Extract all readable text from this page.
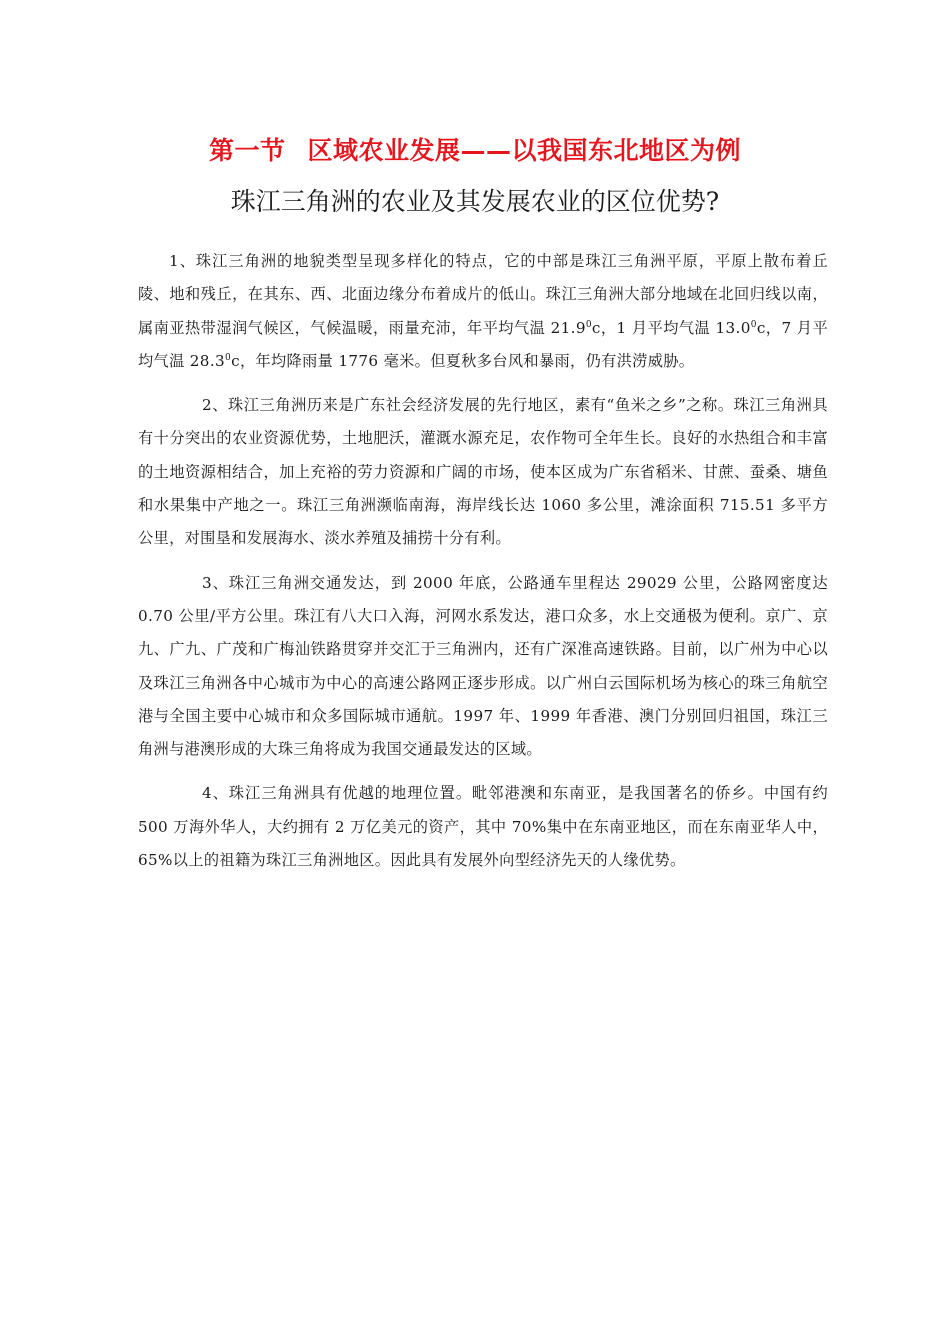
第一节 区域农业发展——以我国东北地区为例
珠江三角洲的农业及其发展农业的区位优势?

1、珠江三角洲的地貌类型呈现多样化的特点，它的中部是珠江三角洲平原，平原上散布着丘陵、地和残丘，在其东、西、北面边缘分布着成片的低山。珠江三角洲大部分地域在北回归线以南，属南亚热带湿润气候区，气候温暖，雨量充沛，年平均气温 21.9$^0$c，1 月平均气温 13.0$^0$c，7 月平均气温 28.3$^0$c，年均降雨量 1776 毫米。但夏秋多台风和暴雨，仍有洪涝威胁。

2、珠江三角洲历来是广东社会经济发展的先行地区，素有“鱼米之乡”之称。珠江三角洲具有十分突出的农业资源优势，土地肥沃，灌溉水源充足，农作物可全年生长。良好的水热组合和丰富的土地资源相结合，加上充裕的劳力资源和广阔的市场，使本区成为广东省稻米、甘蔗、蚕桑、塘鱼和水果集中产地之一。珠江三角洲濒临南海，海岸线长达 1060 多公里，滩涂面积 715.51 多平方公里，对围垦和发展海水、淡水养殖及捕捞十分有利。

3、珠江三角洲交通发达，到 2000 年底，公路通车里程达 29029 公里，公路网密度达 0.70 公里/平方公里。珠江有八大口入海，河网水系发达，港口众多，水上交通极为便利。京广、京九、广九、广茂和广梅汕铁路贯穿并交汇于三角洲内，还有广深准高速铁路。目前，以广州为中心以及珠江三角洲各中心城市为中心的高速公路网正逐步形成。以广州白云国际机场为核心的珠三角航空港与全国主要中心城市和众多国际城市通航。1997 年、1999 年香港、澳门分别回归祖国，珠江三角洲与港澳形成的大珠三角将成为我国交通最发达的区域。

4、珠江三角洲具有优越的地理位置。毗邻港澳和东南亚，是我国著名的侨乡。中国有约 500 万海外华人，大约拥有 2 万亿美元的资产，其中 70%集中在东南亚地区，而在东南亚华人中，65%以上的祖籍为珠江三角洲地区。因此具有发展外向型经济先天的人缘优势。
